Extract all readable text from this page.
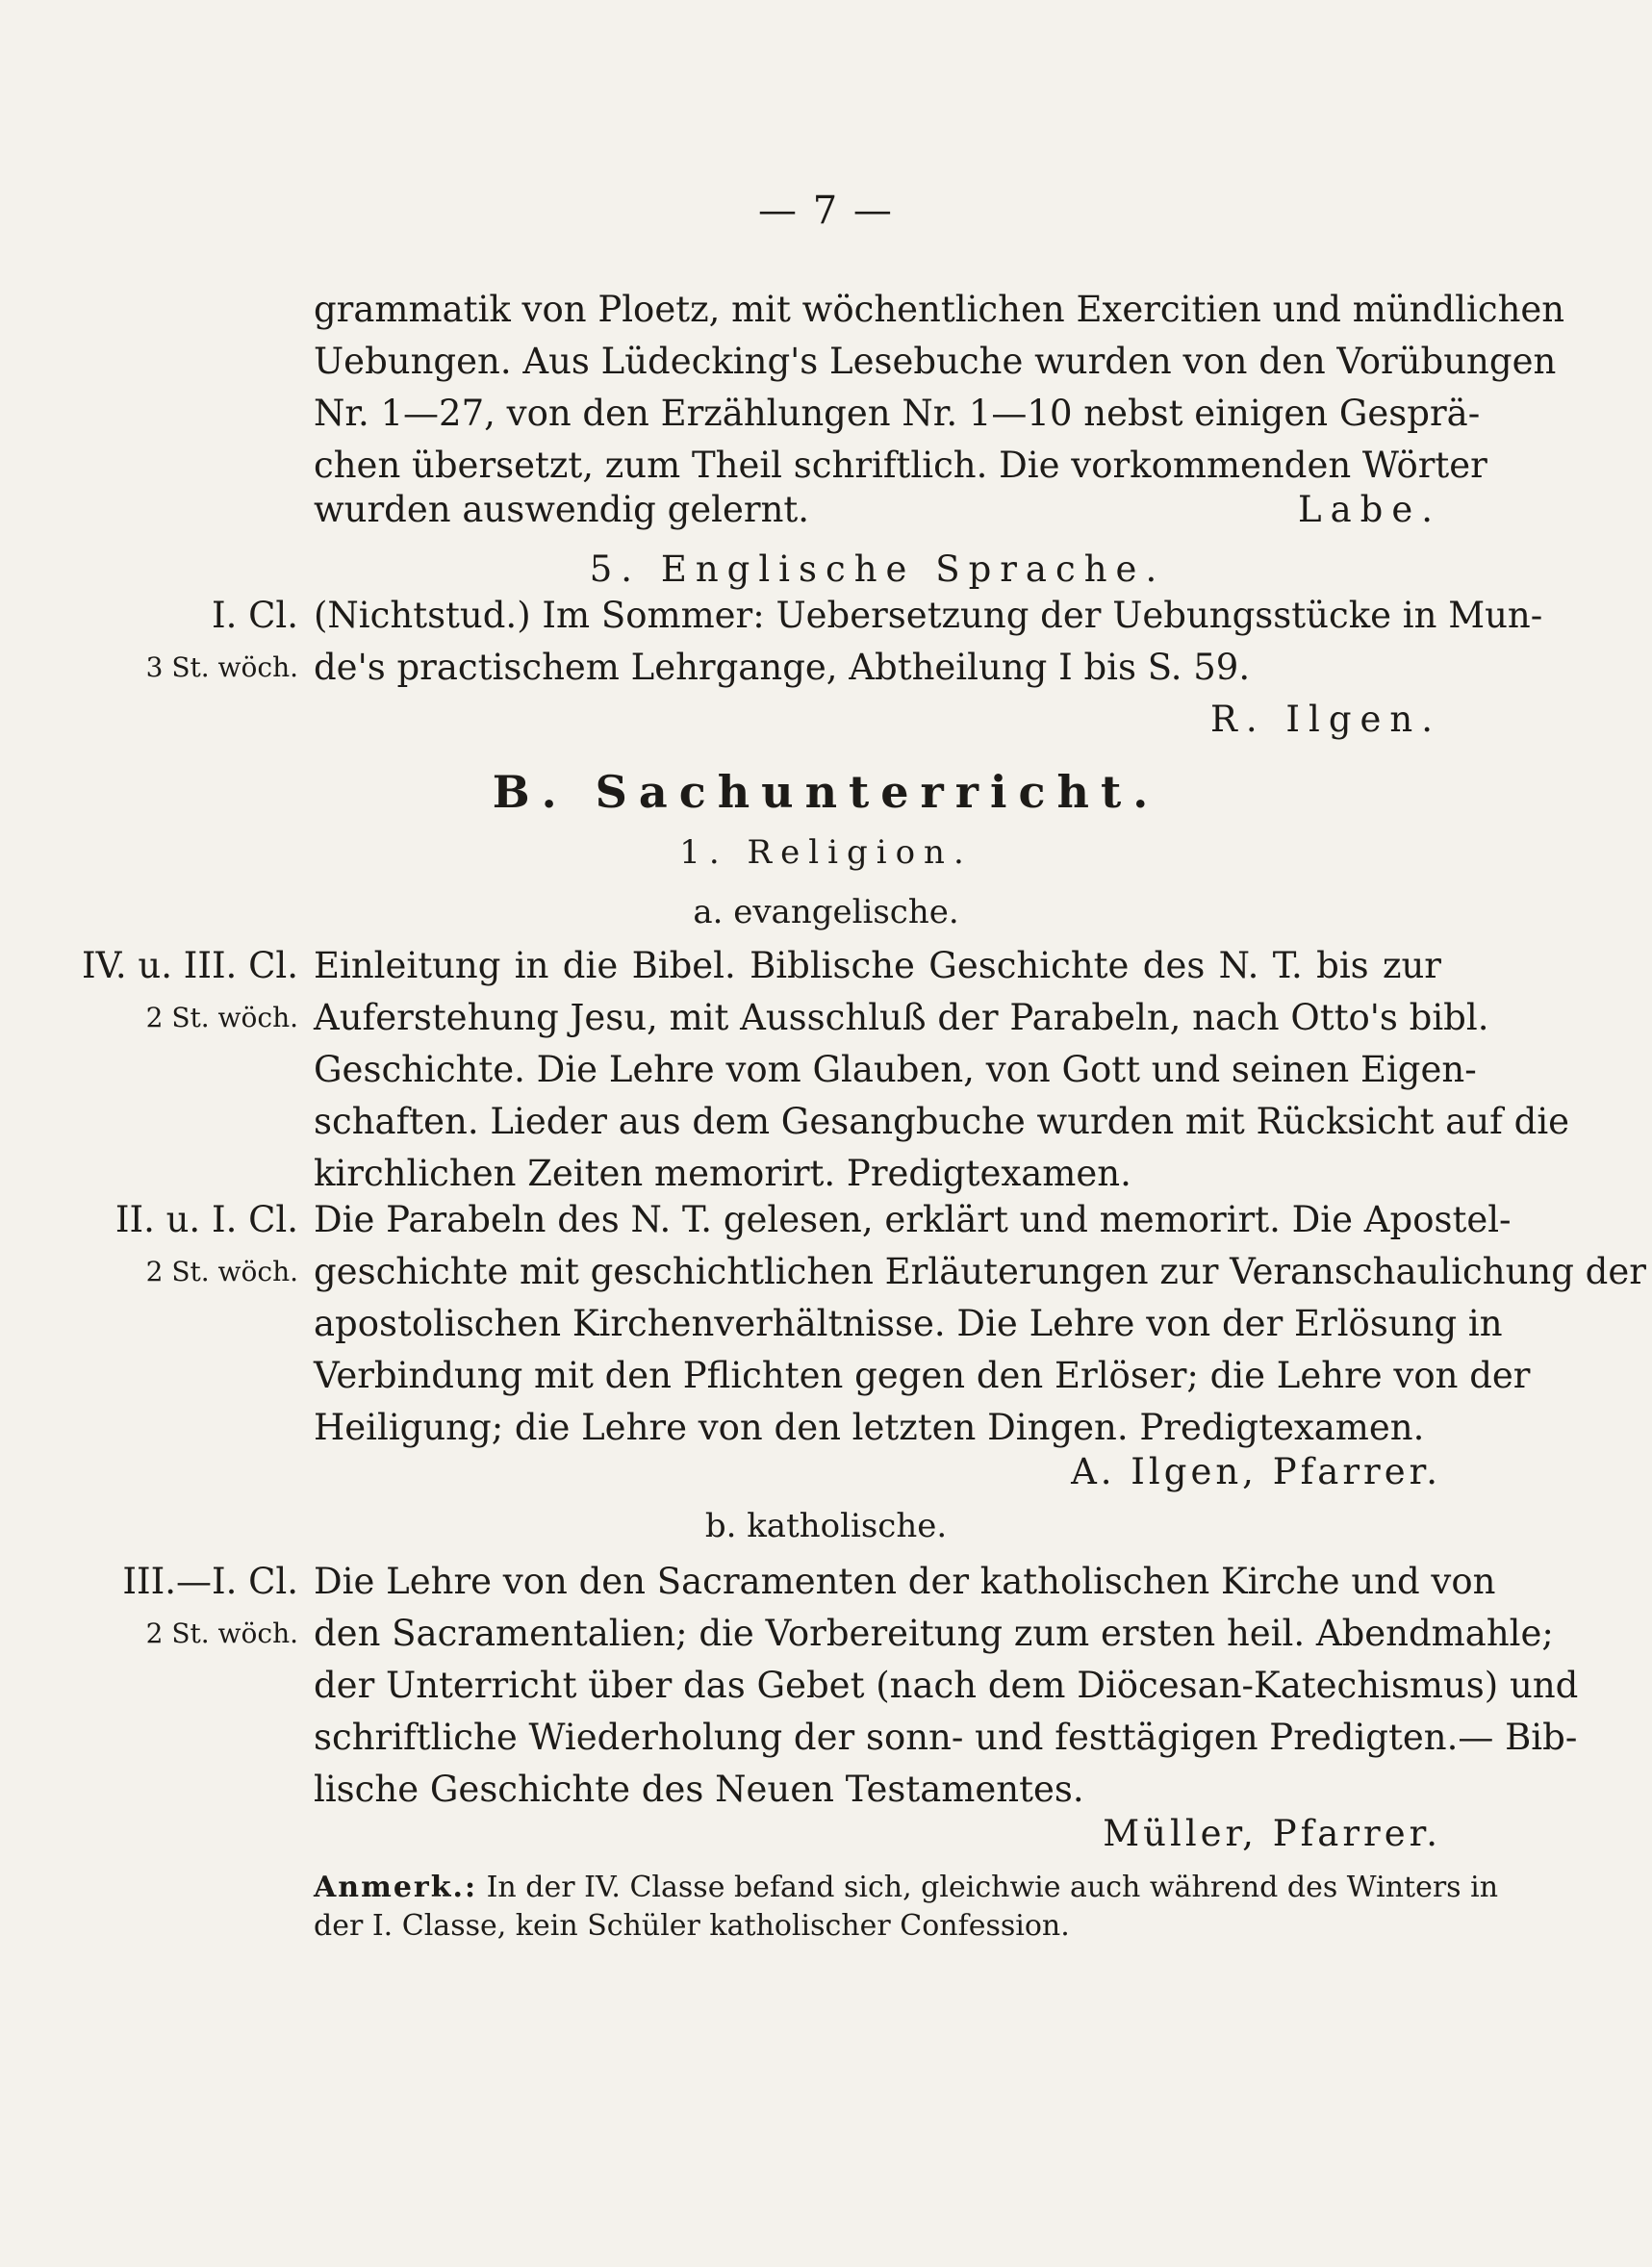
— 7 —
grammatik von Ploetz, mit wöchentlichen Exercitien und mündlichen
Uebungen. Aus Lüdecking's Lesebuche wurden von den Vorübungen
Nr. 1—27, von den Erzählungen Nr. 1—10 nebst einigen Gesprä-
chen übersetzt, zum Theil schriftlich. Die vorkommenden Wörter
wurden auswendig gelernt.	Labe.
5. Englische Sprache.
I. Cl. (Nichtstud.) Im Sommer: Uebersetzung der Uebungsstücke in Mun-
3 St. wöch. de's practischem Lehrgange, Abtheilung I bis S. 59.
R. Ilgen.
B. Sachunterricht.
1. Religion.
a. evangelische.
IV. u. III. Cl. Einleitung in die Bibel. Biblische Geschichte des N. T. bis zur
2 St. wöch. Auferstehung Jesu, mit Ausschluß der Parabeln, nach Otto's bibl.
Geschichte. Die Lehre vom Glauben, von Gott und seinen Eigen-
schaften. Lieder aus dem Gesangbuche wurden mit Rücksicht auf die
kirchlichen Zeiten memorirt. Predigtexamen.
II. u. I. Cl. Die Parabeln des N. T. gelesen, erklärt und memorirt. Die Apostel-
2 St. wöch. geschichte mit geschichtlichen Erläuterungen zur Veranschaulichung der
apostolischen Kirchenverhältnisse. Die Lehre von der Erlösung in
Verbindung mit den Pflichten gegen den Erlöser; die Lehre von der
Heiligung; die Lehre von den letzten Dingen. Predigtexamen.
A. Ilgen, Pfarrer.
b. katholische.
III.—I. Cl. Die Lehre von den Sacramenten der katholischen Kirche und von
2 St. wöch. den Sacramentalien; die Vorbereitung zum ersten heil. Abendmahle;
der Unterricht über das Gebet (nach dem Diöcesan-Katechismus) und
schriftliche Wiederholung der sonn- und festtägigen Predigten.— Bib-
lische Geschichte des Neuen Testamentes.
Müller, Pfarrer.
Anmerk.: In der IV. Classe befand sich, gleichwie auch während des Winters in
der I. Classe, kein Schüler katholischer Confession.
